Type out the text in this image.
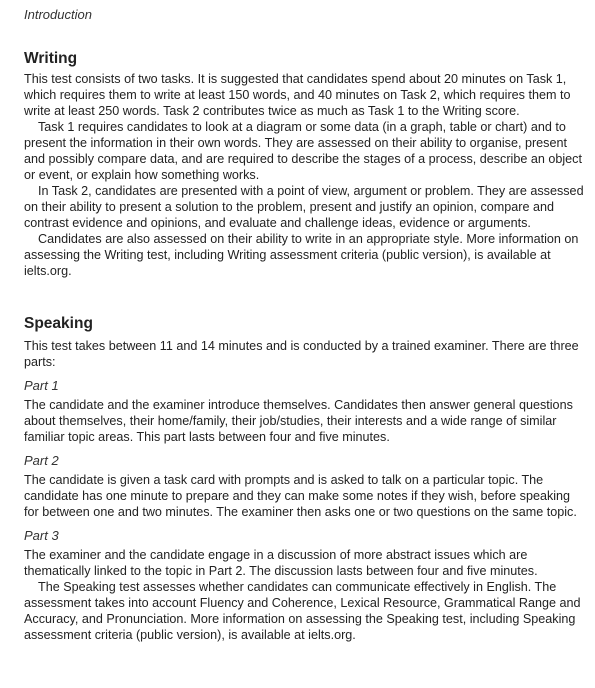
Introduction
Writing

This test consists of two tasks. It is suggested that candidates spend about 20 minutes on Task 1, which requires them to write at least 150 words, and 40 minutes on Task 2, which requires them to write at least 250 words. Task 2 contributes twice as much as Task 1 to the Writing score.

Task 1 requires candidates to look at a diagram or some data (in a graph, table or chart) and to present the information in their own words. They are assessed on their ability to organise, present and possibly compare data, and are required to describe the stages of a process, describe an object or event, or explain how something works.

In Task 2, candidates are presented with a point of view, argument or problem. They are assessed on their ability to present a solution to the problem, present and justify an opinion, compare and contrast evidence and opinions, and evaluate and challenge ideas, evidence or arguments.

Candidates are also assessed on their ability to write in an appropriate style. More information on assessing the Writing test, including Writing assessment criteria (public version), is available at ielts.org.

Speaking

This test takes between 11 and 14 minutes and is conducted by a trained examiner. There are three parts:

Part 1

The candidate and the examiner introduce themselves. Candidates then answer general questions about themselves, their home/family, their job/studies, their interests and a wide range of similar familiar topic areas. This part lasts between four and five minutes.

Part 2

The candidate is given a task card with prompts and is asked to talk on a particular topic. The candidate has one minute to prepare and they can make some notes if they wish, before speaking for between one and two minutes. The examiner then asks one or two questions on the same topic.

Part 3

The examiner and the candidate engage in a discussion of more abstract issues which are thematically linked to the topic in Part 2. The discussion lasts between four and five minutes.

The Speaking test assesses whether candidates can communicate effectively in English. The assessment takes into account Fluency and Coherence, Lexical Resource, Grammatical Range and Accuracy, and Pronunciation. More information on assessing the Speaking test, including Speaking assessment criteria (public version), is available at ielts.org.
